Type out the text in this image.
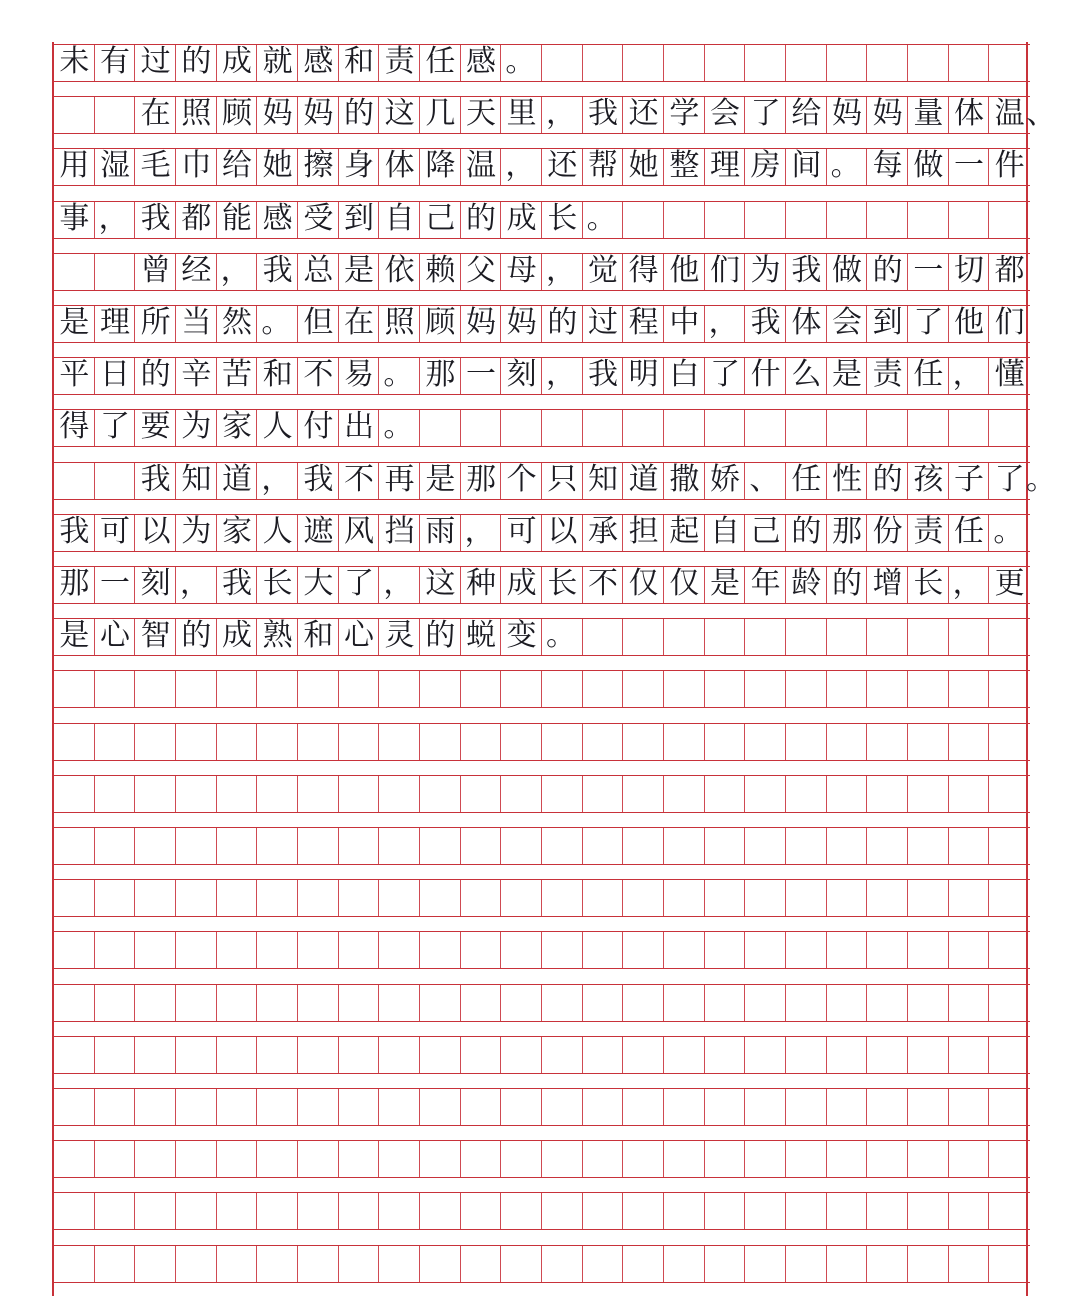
未 有 过 的 成 就 感 和 责 任 感 。
在 照 顾 妈 妈 的 这 几 天 里 ， 我 还 学 会 了 给 妈 妈 量 体 温 、
用 湿 毛 巾 给 她 擦 身 体 降 温 ， 还 帮 她 整 理 房 间 。 每 做 一 件
事 ， 我 都 能 感 受 到 自 己 的 成 长 。
曾 经 ， 我 总 是 依 赖 父 母 ， 觉 得 他 们 为 我 做 的 一 切 都
是 理 所 当 然 。 但 在 照 顾 妈 妈 的 过 程 中 ， 我 体 会 到 了 他 们
平 日 的 辛 苦 和 不 易 。 那 一 刻 ， 我 明 白 了 什 么 是 责 任 ， 懂
得 了 要 为 家 人 付 出 。
我 知 道 ， 我 不 再 是 那 个 只 知 道 撒 娇 、 任 性 的 孩 子 了 。
我 可 以 为 家 人 遮 风 挡 雨 ， 可 以 承 担 起 自 己 的 那 份 责 任 。
那 一 刻 ， 我 长 大 了 ， 这 种 成 长 不 仅 仅 是 年 龄 的 增 长 ， 更
是 心 智 的 成 熟 和 心 灵 的 蜕 变 。
